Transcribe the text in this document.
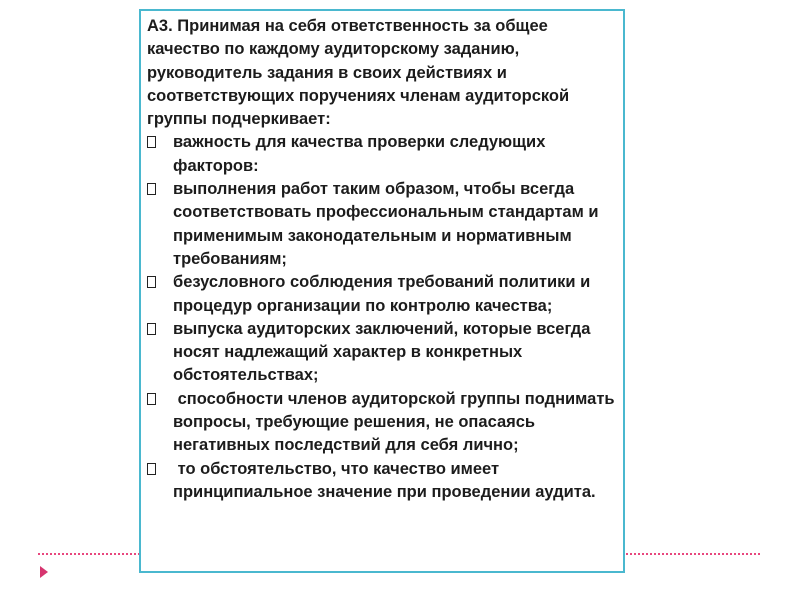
А3. Принимая на себя ответственность за общее качество по каждому аудиторскому заданию, руководитель задания в своих действиях и соответствующих поручениях членам аудиторской группы подчеркивает:

важность для качества проверки следующих факторов:
выполнения работ таким образом, чтобы всегда соответствовать профессиональным стандартам и применимым законодательным и нормативным требованиям;
безусловного соблюдения требований политики и процедур организации по контролю качества;
выпуска аудиторских заключений, которые всегда носят надлежащий характер в конкретных обстоятельствах;
способности членов аудиторской группы поднимать вопросы, требующие решения, не опасаясь негативных последствий для себя лично;
то обстоятельство, что качество имеет принципиальное значение при проведении аудита.
